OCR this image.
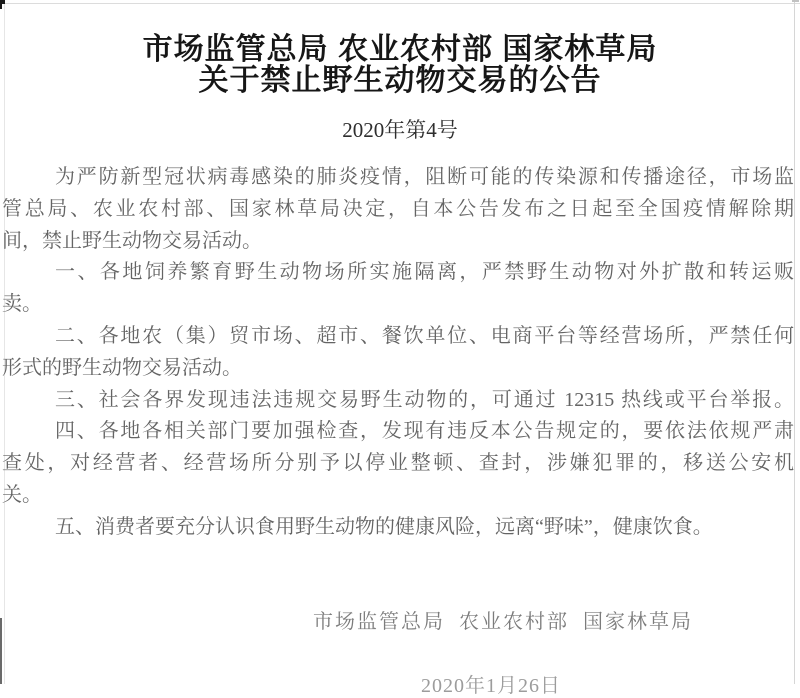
市场监管总局 农业农村部 国家林草局
关于禁止野生动物交易的公告
2020年第4号
为严防新型冠状病毒感染的肺炎疫情，阻断可能的传染源和传播途径，市场监
管总局、农业农村部、国家林草局决定，自本公告发布之日起至全国疫情解除期
间，禁止野生动物交易活动。
一、各地饲养繁育野生动物场所实施隔离，严禁野生动物对外扩散和转运贩
卖。
二、各地农（集）贸市场、超市、餐饮单位、电商平台等经营场所，严禁任何
形式的野生动物交易活动。
三、社会各界发现违法违规交易野生动物的，可通过 12315 热线或平台举报。
四、各地各相关部门要加强检查，发现有违反本公告规定的，要依法依规严肃
查处，对经营者、经营场所分别予以停业整顿、查封，涉嫌犯罪的，移送公安机
关。
五、消费者要充分认识食用野生动物的健康风险，远离“野味”，健康饮食。
市场监管总局  农业农村部  国家林草局
2020年1月26日
